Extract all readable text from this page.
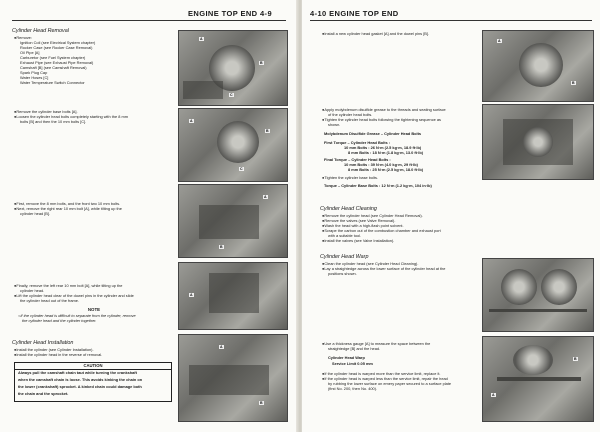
ENGINE TOP END 4-9
Cylinder Head Removal
●Remove:
Ignition Coil (see Electrical System chapter)
Rocker Case (see Rocker Case Removal)
Oil Pipe [A]
Carburetor (see Fuel System chapter)
Exhaust Pipe (see Exhaust Pipe Removal)
Camshaft [B] (see Camshaft Removal)
Spark Plug Cap
Water Hoses [C]
Water Temperature Switch Connector
A
B
C
●Remove the cylinder base bolts [A].
●Loosen the cylinder head bolts completely starting with the 8 mm
bolts [B] and then the 10 mm bolts [C].	A
B
C
●First, remove the 8 mm bolts, and the front two 10 mm bolts.
●Next, remove the right rear 10 mm bolt [A], while tilting up the
cylinder head [B].
A
B
●Finally, remove the left rear 10 mm bolt [A], while tilting up the
cylinder head.
●Lift the cylinder head clear of the dowel pins in the cylinder and slide
the cylinder head out of the frame.
NOTE
○If the cylinder head is difficult to separate from the cylinder, remove
the cylinder head and the cylinder together.
A
Cylinder Head Installation
●Install the cylinder (see Cylinder Installation).
●Install the cylinder head in the reverse of removal.
CAUTION
Always pull the camshaft chain taut while turning the crankshaft
when the camshaft chain is loose. This avoids kinking the chain on
the lower (crankshaft) sprocket. A kinked chain could damage both
the chain and the sprocket.
A
B
4-10 ENGINE TOP END
●Install a new cylinder head gasket [A] and the dowel pins [B].
A
B
●Apply molybdenum disulfide grease to the threads and seating surface
of the cylinder head bolts.
●Tighten the cylinder head bolts following the tightening sequence as
shown.
Molybdenum Disulfide Grease – Cylinder Head Bolts
First Torque – Cylinder Head Bolts :
10 mm Bolts : 26 N·m (2.5 kg·m, 18.9 ft·lb)
8 mm Bolts : 18 N·m (1.8 kg·m, 13.0 ft·lb)
Final Torque – Cylinder Head Bolts :
10 mm Bolts : 39 N·m (4.0 kg·m, 29 ft·lb)
8 mm Bolts : 25 N·m (2.5 kg·m, 18.0 ft·lb)
●Tighten the cylinder base bolts.
Torque – Cylinder Base Bolts : 12 N·m (1.2 kg·m, 104 in·lb)
Cylinder Head Cleaning
●Remove the cylinder head (see Cylinder Head Removal).
●Remove the valves (see Valve Removal).
●Wash the head with a high-flash point solvent.
●Scrape the carbon out of the combustion chamber and exhaust port
with a suitable tool.
●Install the valves (see Valve Installation).
Cylinder Head Warp
●Clean the cylinder head (see Cylinder Head Cleaning).
●Lay a straightedge across the lower surface of the cylinder head at the
positions shown.
●Use a thickness gauge [A] to measure the space between the
straightedge [B] and the head.
Cylinder Head Warp
Service Limit 0.05 mm
●If the cylinder head is warped more than the service limit, replace it.
●If the cylinder head is warped less than the service limit, repair the head
by rubbing the lower surface on emery paper secured to a surface plate
(first No. 200, then No. 400).
A
B
